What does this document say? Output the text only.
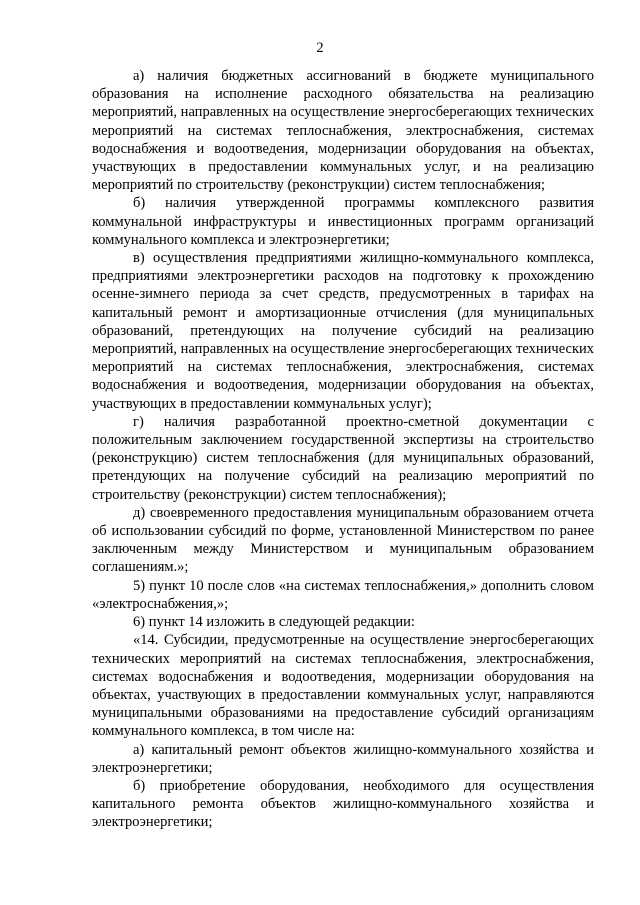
2

а) наличия бюджетных ассигнований в бюджете муниципального образования на исполнение расходного обязательства на реализацию мероприятий, направленных на осуществление энергосберегающих технических мероприятий на системах теплоснабжения, электроснабжения, системах водоснабжения и водоотведения, модернизации оборудования на объектах, участвующих в предоставлении коммунальных услуг, и на реализацию мероприятий по строительству (реконструкции) систем теплоснабжения;

б) наличия утвержденной программы комплексного развития коммунальной инфраструктуры и инвестиционных программ организаций коммунального комплекса и электроэнергетики;

в) осуществления предприятиями жилищно-коммунального комплекса, предприятиями электроэнергетики расходов на подготовку к прохождению осенне-зимнего периода за счет средств, предусмотренных в тарифах на капитальный ремонт и амортизационные отчисления (для муниципальных образований, претендующих на получение субсидий на реализацию мероприятий, направленных на осуществление энергосберегающих технических мероприятий на системах теплоснабжения, электроснабжения, системах водоснабжения и водоотведения, модернизации оборудования на объектах, участвующих в предоставлении коммунальных услуг);

г) наличия разработанной проектно-сметной документации с положительным заключением государственной экспертизы на строительство (реконструкцию) систем теплоснабжения (для муниципальных образований, претендующих на получение субсидий на реализацию мероприятий по строительству (реконструкции) систем теплоснабжения);

д) своевременного предоставления муниципальным образованием отчета об использовании субсидий по форме, установленной Министерством по ранее заключенным между Министерством и муниципальным образованием соглашениям.»;

5) пункт 10 после слов «на системах теплоснабжения,» дополнить словом «электроснабжения,»;

6) пункт 14 изложить в следующей редакции:

«14. Субсидии, предусмотренные на осуществление энергосберегающих технических мероприятий на системах теплоснабжения, электроснабжения, системах водоснабжения и водоотведения, модернизации оборудования на объектах, участвующих в предоставлении коммунальных услуг, направляются муниципальными образованиями на предоставление субсидий организациям коммунального комплекса, в том числе на:

а) капитальный ремонт объектов жилищно-коммунального хозяйства и электроэнергетики;

б) приобретение оборудования, необходимого для осуществления капитального ремонта объектов жилищно-коммунального хозяйства и электроэнергетики;
